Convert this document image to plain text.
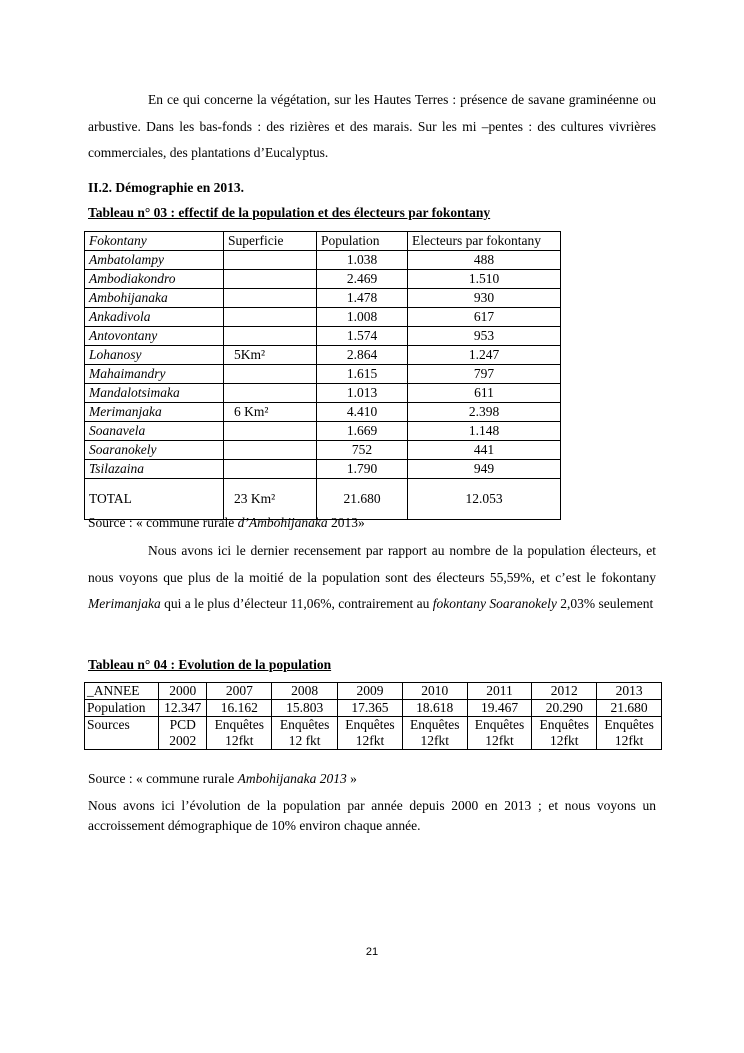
En ce qui concerne la végétation, sur les Hautes Terres : présence de savane graminéenne ou arbustive. Dans les bas-fonds : des rizières et des marais. Sur les mi –pentes : des cultures vivrières commerciales, des plantations d’Eucalyptus.
II.2. Démographie en 2013.
Tableau n° 03 : effectif de la population et des électeurs par fokontany
Fokontany	Superficie	Population	Electeurs par fokontany
Ambatolampy		1.038	488
Ambodiakondro		2.469	1.510
Ambohijanaka		1.478	930
Ankadivola		1.008	617
Antovontany		1.574	953
Lohanosy	5Km²	2.864	1.247
Mahaimandry		1.615	797
Mandalotsimaka		1.013	611
Merimanjaka	6 Km²	4.410	2.398
Soanavela		1.669	1.148
Soaranokely		752	441
Tsilazaina		1.790	949
TOTAL	23 Km²	21.680	12.053
Source : « commune rurale d’Ambohijanaka 2013»
Nous avons ici le dernier recensement par rapport au nombre de la population électeurs, et nous voyons que plus de la moitié de la population sont des électeurs 55,59%, et c’est le fokontany Merimanjaka qui a le plus d’électeur 11,06%, contrairement au fokontany Soaranokely 2,03% seulement
Tableau n° 04 : Evolution de la population
_ANNEE	2000	2007	2008	2009	2010	2011	2012	2013
Population	12.347	16.162	15.803	17.365	18.618	19.467	20.290	21.680
Sources	PCD 2002	Enquêtes 12fkt	Enquêtes 12 fkt	Enquêtes 12fkt	Enquêtes 12fkt	Enquêtes 12fkt	Enquêtes 12fkt	Enquêtes 12fkt
Source : « commune rurale Ambohijanaka 2013 »
Nous avons ici l’évolution de la population par année depuis 2000 en 2013 ; et nous voyons un accroissement démographique de 10% environ chaque année.
21
